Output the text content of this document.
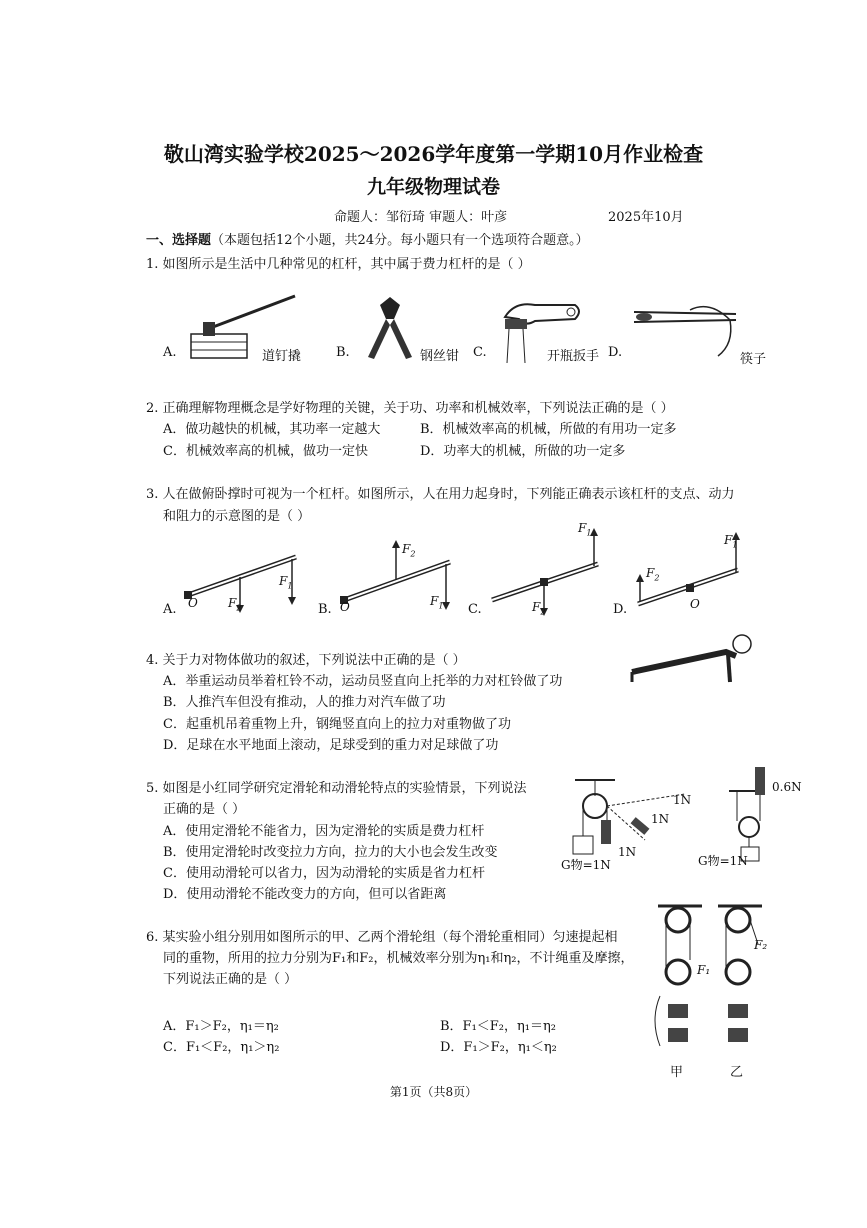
敬山湾实验学校2025～2026学年度第一学期10月作业检查
九年级物理试卷
命题人：邹衍琦 审题人：叶彦	2025年10月
一、选择题（本题包括12个小题，共24分。每小题只有一个选项符合题意。）
1. 如图所示是生活中几种常见的杠杆，其中属于费力杠杆的是（ ）
A.	道钉撬	B.	钢丝钳 C.	开瓶扳手 D.	筷子
2. 正确理解物理概念是学好物理的关键，关于功、功率和机械效率，下列说法正确的是（ ）
A．做功越快的机械，其功率一定越大	B．机械效率高的机械，所做的有用功一定多
C．机械效率高的机械，做功一定快	D．功率大的机械，所做的功一定多
3. 人在做俯卧撑时可视为一个杠杆。如图所示，人在用力起身时，下列能正确表示该杠杆的支点、动力
和阻力的示意图的是（ ）
O	$F_2$
$F_1$
O
$F_2$
$F_1$
$F_1$
$F_2$
$F_1$
$F_2$
O
A.	B.	C.	D.
4. 关于力对物体做功的叙述，下列说法中正确的是（ ）
A．举重运动员举着杠铃不动，运动员竖直向上托举的力对杠铃做了功
B．人推汽车但没有推动，人的推力对汽车做了功
C．起重机吊着重物上升，钢绳竖直向上的拉力对重物做了功
D．足球在水平地面上滚动，足球受到的重力对足球做了功
5. 如图是小红同学研究定滑轮和动滑轮特点的实验情景，下列说法
正确的是（ ）
A．使用定滑轮不能省力，因为定滑轮的实质是费力杠杆
B．使用定滑轮时改变拉力方向，拉力的大小也会发生改变
C．使用动滑轮可以省力，因为动滑轮的实质是省力杠杆
D．使用动滑轮不能改变力的方向，但可以省距离
1N
1N
1N
G物=1N
0.6N
G物=1N
6. 某实验小组分别用如图所示的甲、乙两个滑轮组（每个滑轮重相同）匀速提起相
同的重物，所用的拉力分别为F₁和F₂，机械效率分别为η₁和η₂，不计绳重及摩擦，
下列说法正确的是（ ）
A．F₁＞F₂，η₁＝η₂	B．F₁＜F₂，η₁＝η₂
C．F₁＜F₂，η₁＞η₂	D．F₁＞F₂，η₁＜η₂
F₁
F₂
甲	乙
第1页（共8页）
